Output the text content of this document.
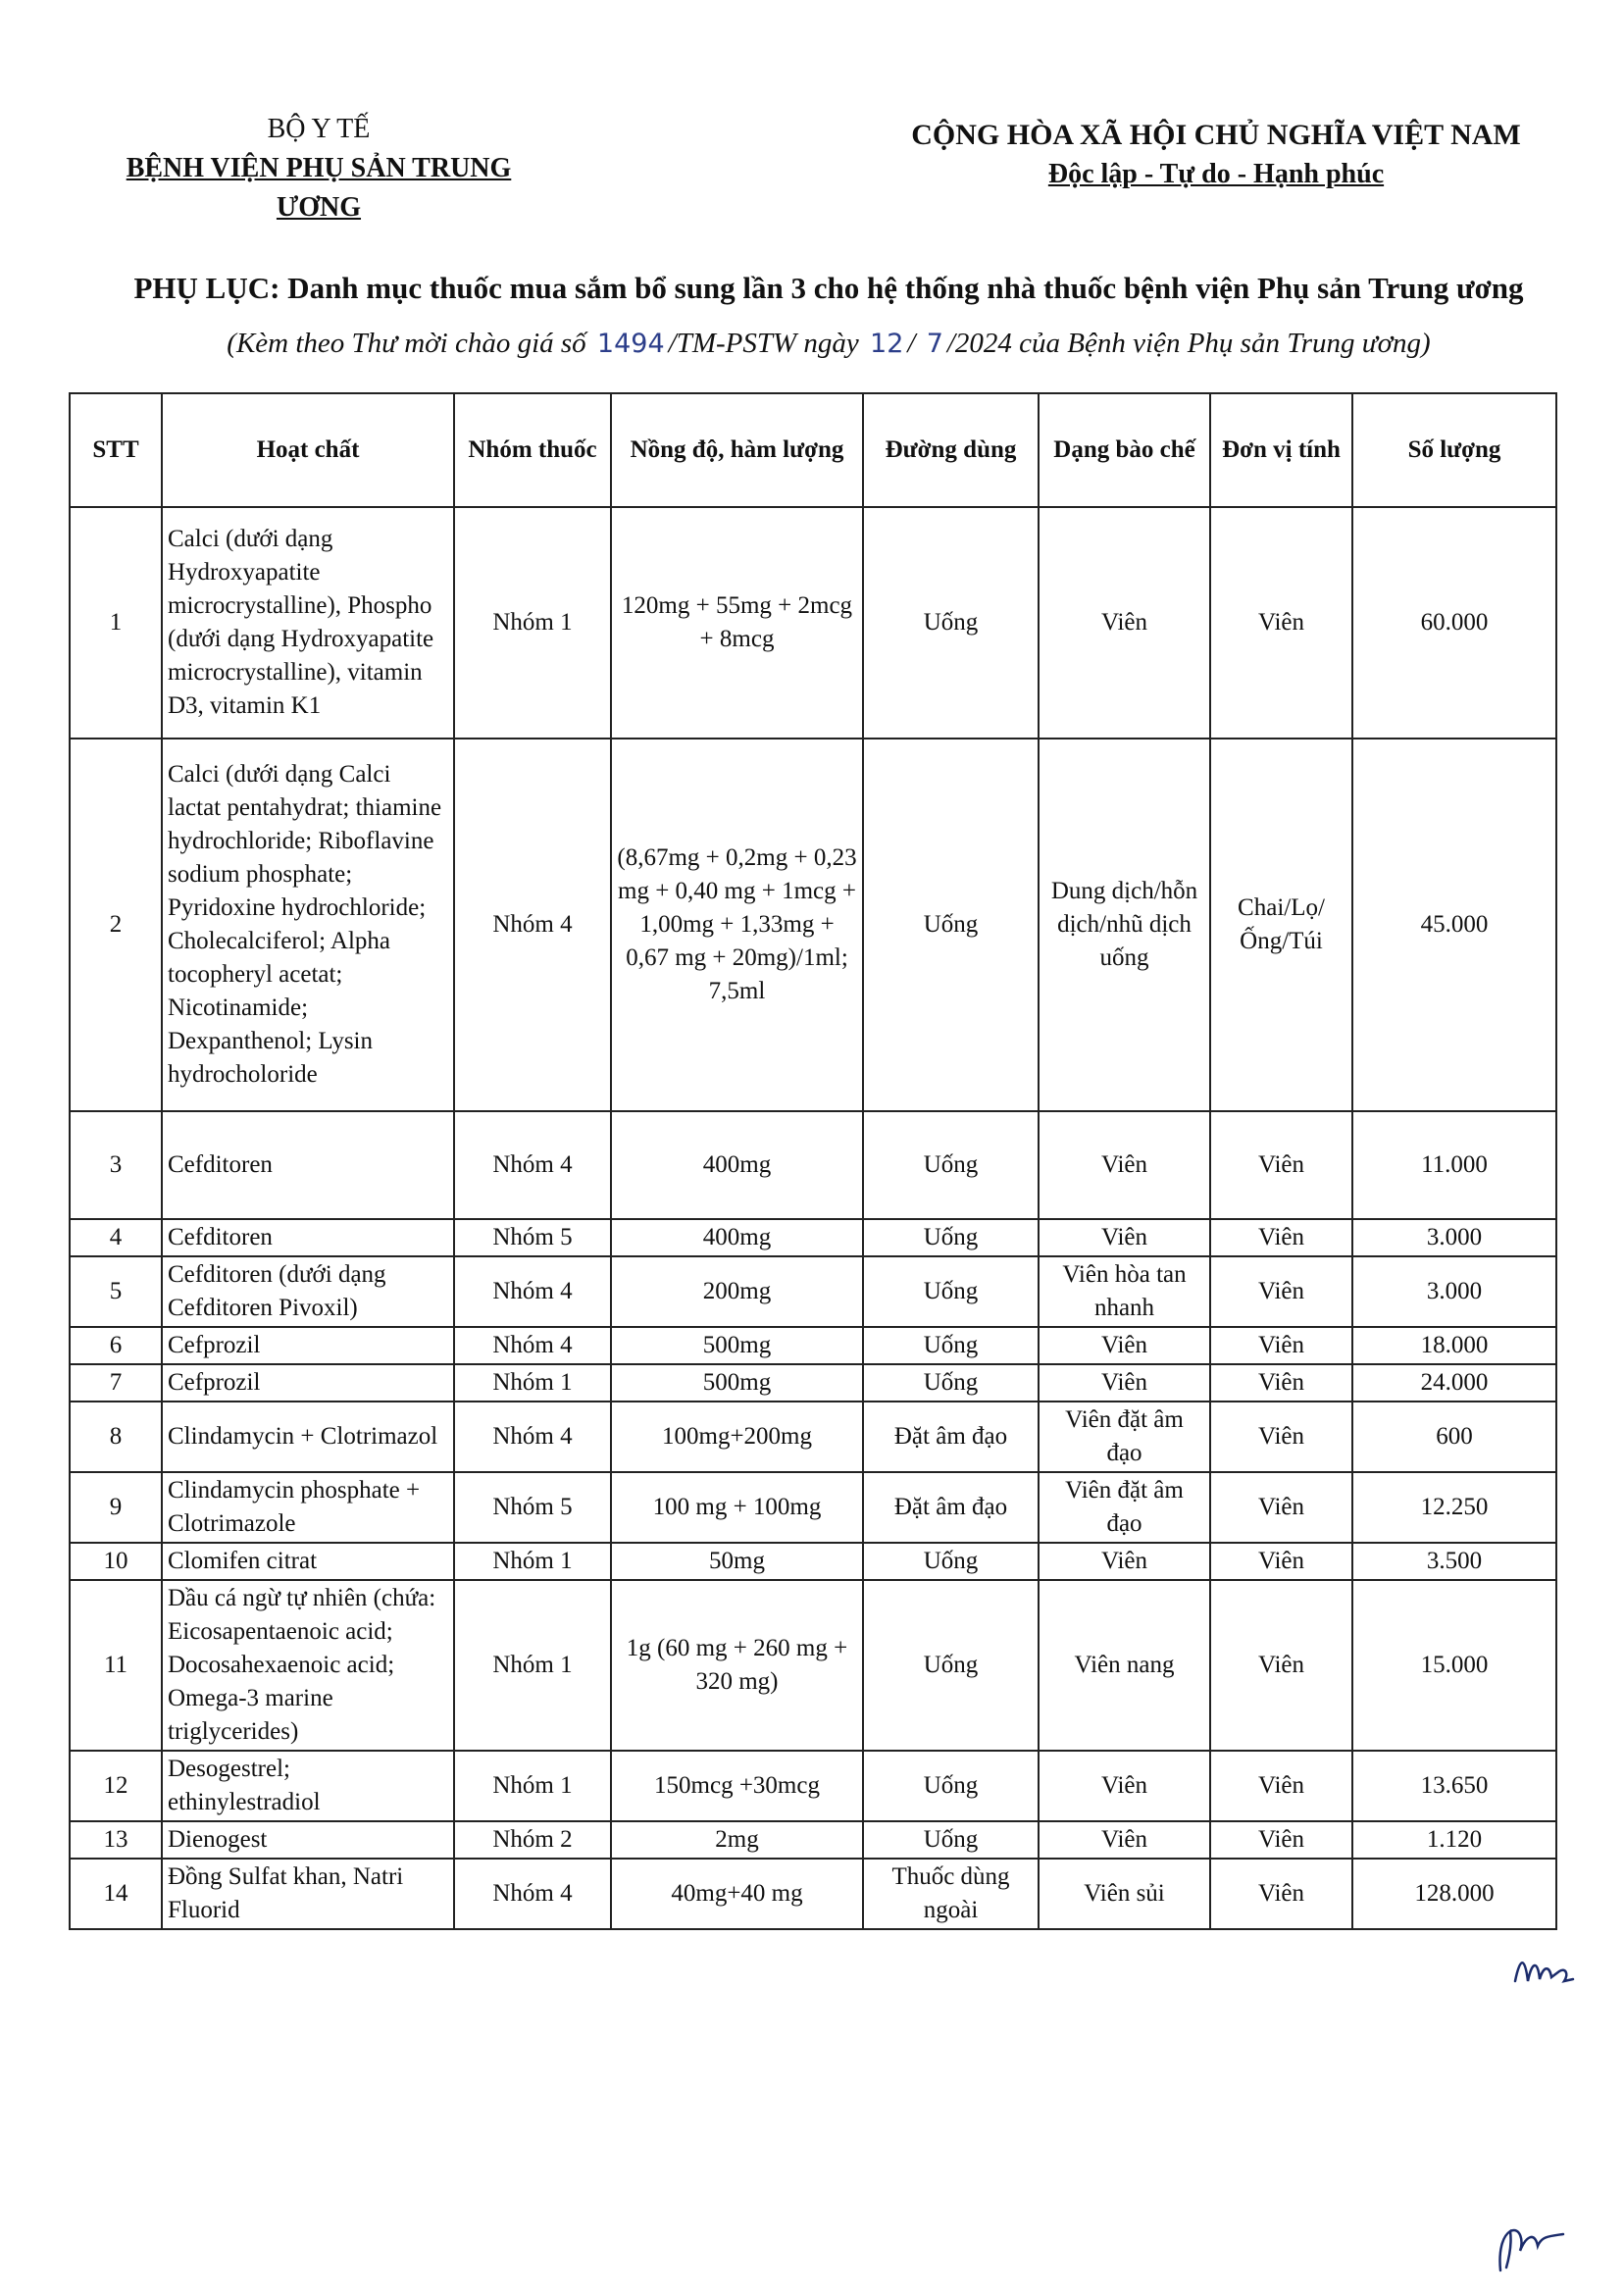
BỘ Y TẾ
BỆNH VIỆN PHỤ SẢN TRUNG ƯƠNG
CỘNG HÒA XÃ HỘI CHỦ NGHĨA VIỆT NAM
Độc lập - Tự do - Hạnh phúc
PHỤ LỤC: Danh mục thuốc mua sắm bổ sung lần 3 cho hệ thống nhà thuốc bệnh viện Phụ sản Trung ương
(Kèm theo Thư mời chào giá số 1494 /TM-PSTW ngày 12 / 7 /2024 của Bệnh viện Phụ sản Trung ương)
STT	Hoạt chất	Nhóm thuốc	Nồng độ, hàm lượng	Đường dùng	Dạng bào chế	Đơn vị tính	Số lượng
1	Calci (dưới dạng Hydroxyapatite microcrystalline), Phospho (dưới dạng Hydroxyapatite microcrystalline), vitamin D3, vitamin K1	Nhóm 1	120mg + 55mg + 2mcg + 8mcg	Uống	Viên	Viên	60.000
2	Calci (dưới dạng Calci lactat pentahydrat; thiamine hydrochloride; Riboflavine sodium phosphate; Pyridoxine hydrochloride; Cholecalciferol; Alpha tocopheryl acetat; Nicotinamide; Dexpanthenol; Lysin hydrocholoride	Nhóm 4	(8,67mg + 0,2mg + 0,23 mg + 0,40 mg + 1mcg + 1,00mg + 1,33mg + 0,67 mg + 20mg)/1ml; 7,5ml	Uống	Dung dịch/hỗn dịch/nhũ dịch uống	Chai/Lọ/Ống/Túi	45.000
3	Cefditoren	Nhóm 4	400mg	Uống	Viên	Viên	11.000
4	Cefditoren	Nhóm 5	400mg	Uống	Viên	Viên	3.000
5	Cefditoren (dưới dạng Cefditoren Pivoxil)	Nhóm 4	200mg	Uống	Viên hòa tan nhanh	Viên	3.000
6	Cefprozil	Nhóm 4	500mg	Uống	Viên	Viên	18.000
7	Cefprozil	Nhóm 1	500mg	Uống	Viên	Viên	24.000
8	Clindamycin + Clotrimazol	Nhóm 4	100mg+200mg	Đặt âm đạo	Viên đặt âm đạo	Viên	600
9	Clindamycin phosphate + Clotrimazole	Nhóm 5	100 mg + 100mg	Đặt âm đạo	Viên đặt âm đạo	Viên	12.250
10	Clomifen citrat	Nhóm 1	50mg	Uống	Viên	Viên	3.500
11	Dầu cá ngừ tự nhiên (chứa: Eicosapentaenoic acid; Docosahexaenoic acid; Omega-3 marine triglycerides)	Nhóm 1	1g (60 mg + 260 mg + 320 mg)	Uống	Viên nang	Viên	15.000
12	Desogestrel; ethinylestradiol	Nhóm 1	150mcg +30mcg	Uống	Viên	Viên	13.650
13	Dienogest	Nhóm 2	2mg	Uống	Viên	Viên	1.120
14	Đồng Sulfat khan, Natri Fluorid	Nhóm 4	40mg+40 mg	Thuốc dùng ngoài	Viên sủi	Viên	128.000
